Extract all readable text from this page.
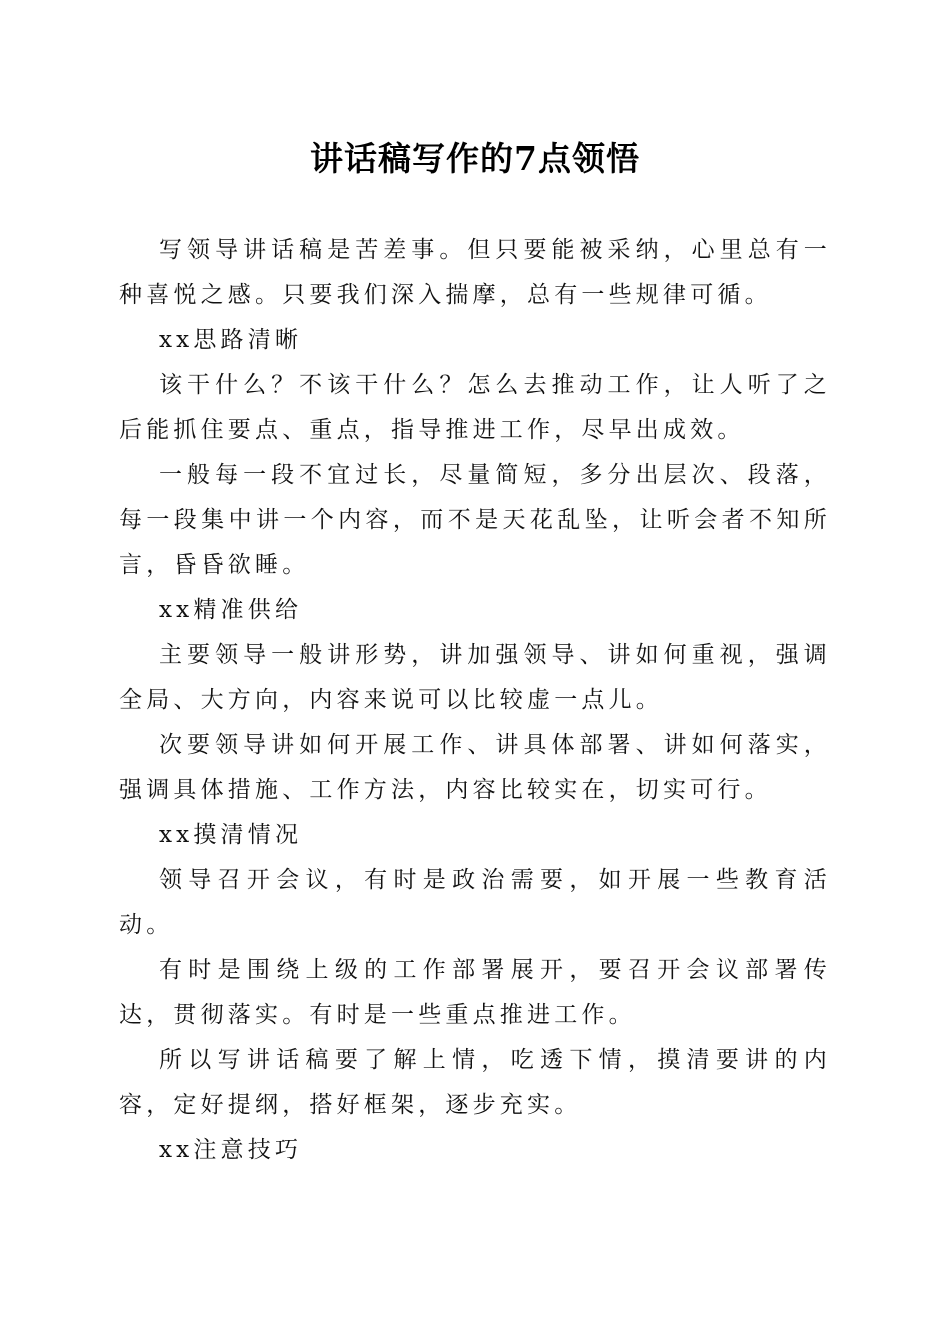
讲话稿写作的7点领悟

写领导讲话稿是苦差事。但只要能被采纳，心里总有一种喜悦之感。只要我们深入揣摩，总有一些规律可循。

xx思路清晰

该干什么？不该干什么？怎么去推动工作，让人听了之后能抓住要点、重点，指导推进工作，尽早出成效。

一般每一段不宜过长，尽量简短，多分出层次、段落，每一段集中讲一个内容，而不是天花乱坠，让听会者不知所言，昏昏欲睡。

xx精准供给

主要领导一般讲形势，讲加强领导、讲如何重视，强调全局、大方向，内容来说可以比较虚一点儿。

次要领导讲如何开展工作、讲具体部署、讲如何落实，强调具体措施、工作方法，内容比较实在，切实可行。

xx摸清情况

领导召开会议，有时是政治需要，如开展一些教育活动。

有时是围绕上级的工作部署展开，要召开会议部署传达，贯彻落实。有时是一些重点推进工作。

所以写讲话稿要了解上情，吃透下情，摸清要讲的内容，定好提纲，搭好框架，逐步充实。

xx注意技巧
